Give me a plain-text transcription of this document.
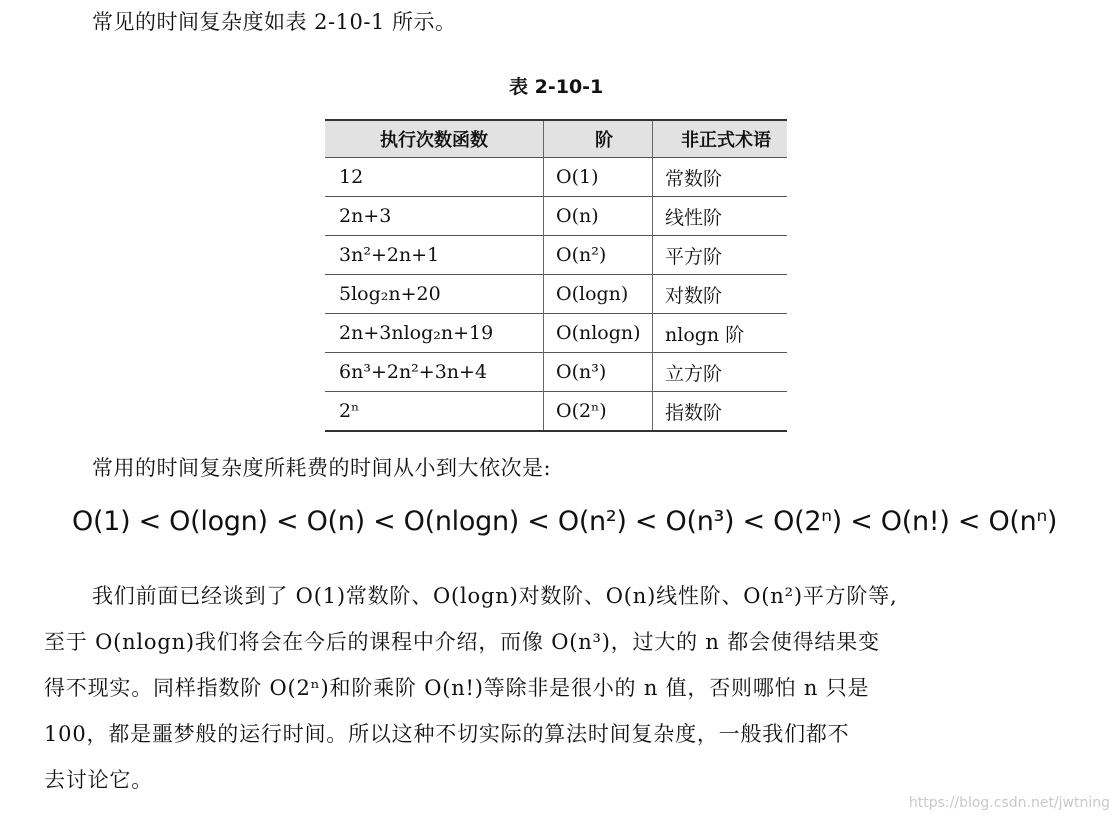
常见的时间复杂度如表 2-10-1 所示。
表 2-10-1
执行次数函数	阶	非正式术语
12	O(1)	常数阶
2n+3	O(n)	线性阶
3n²+2n+1	O(n²)	平方阶
5log₂n+20	O(logn)	对数阶
2n+3nlog₂n+19	O(nlogn)	nlogn 阶
6n³+2n²+3n+4	O(n³)	立方阶
2ⁿ	O(2ⁿ)	指数阶
常用的时间复杂度所耗费的时间从小到大依次是:
O(1) < O(logn) < O(n) < O(nlogn) < O(n²) < O(n³) < O(2ⁿ) < O(n!) < O(nⁿ)
我们前面已经谈到了 O(1)常数阶、O(logn)对数阶、O(n)线性阶、O(n²)平方阶等,
至于 O(nlogn)我们将会在今后的课程中介绍，而像 O(n³)，过大的 n 都会使得结果变
得不现实。同样指数阶 O(2ⁿ)和阶乘阶 O(n!)等除非是很小的 n 值，否则哪怕 n 只是
100，都是噩梦般的运行时间。所以这种不切实际的算法时间复杂度，一般我们都不
去讨论它。
https://blog.csdn.net/jwtning
